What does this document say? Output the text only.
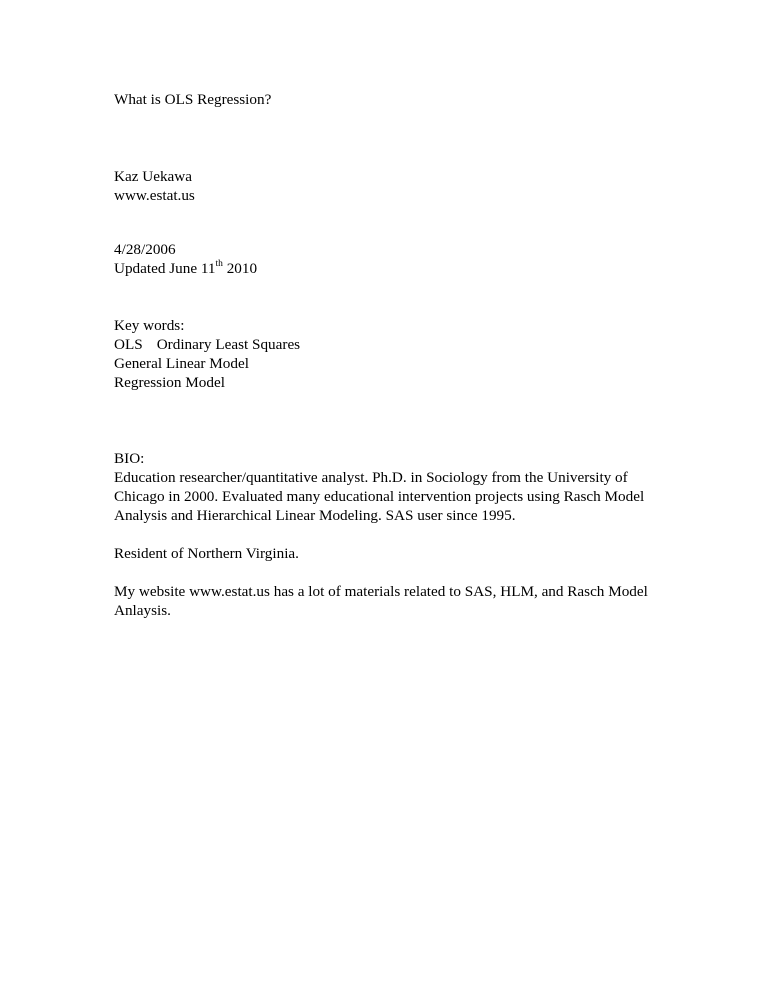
What is OLS Regression?
Kaz Uekawa
www.estat.us
4/28/2006
Updated June 11th 2010
Key words:
OLS Ordinary Least Squares
General Linear Model
Regression Model
BIO:

Education researcher/quantitative analyst. Ph.D. in Sociology from the University of Chicago in 2000. Evaluated many educational intervention projects using Rasch Model Analysis and Hierarchical Linear Modeling. SAS user since 1995.

Resident of Northern Virginia.

My website www.estat.us has a lot of materials related to SAS, HLM, and Rasch Model Anlaysis.
